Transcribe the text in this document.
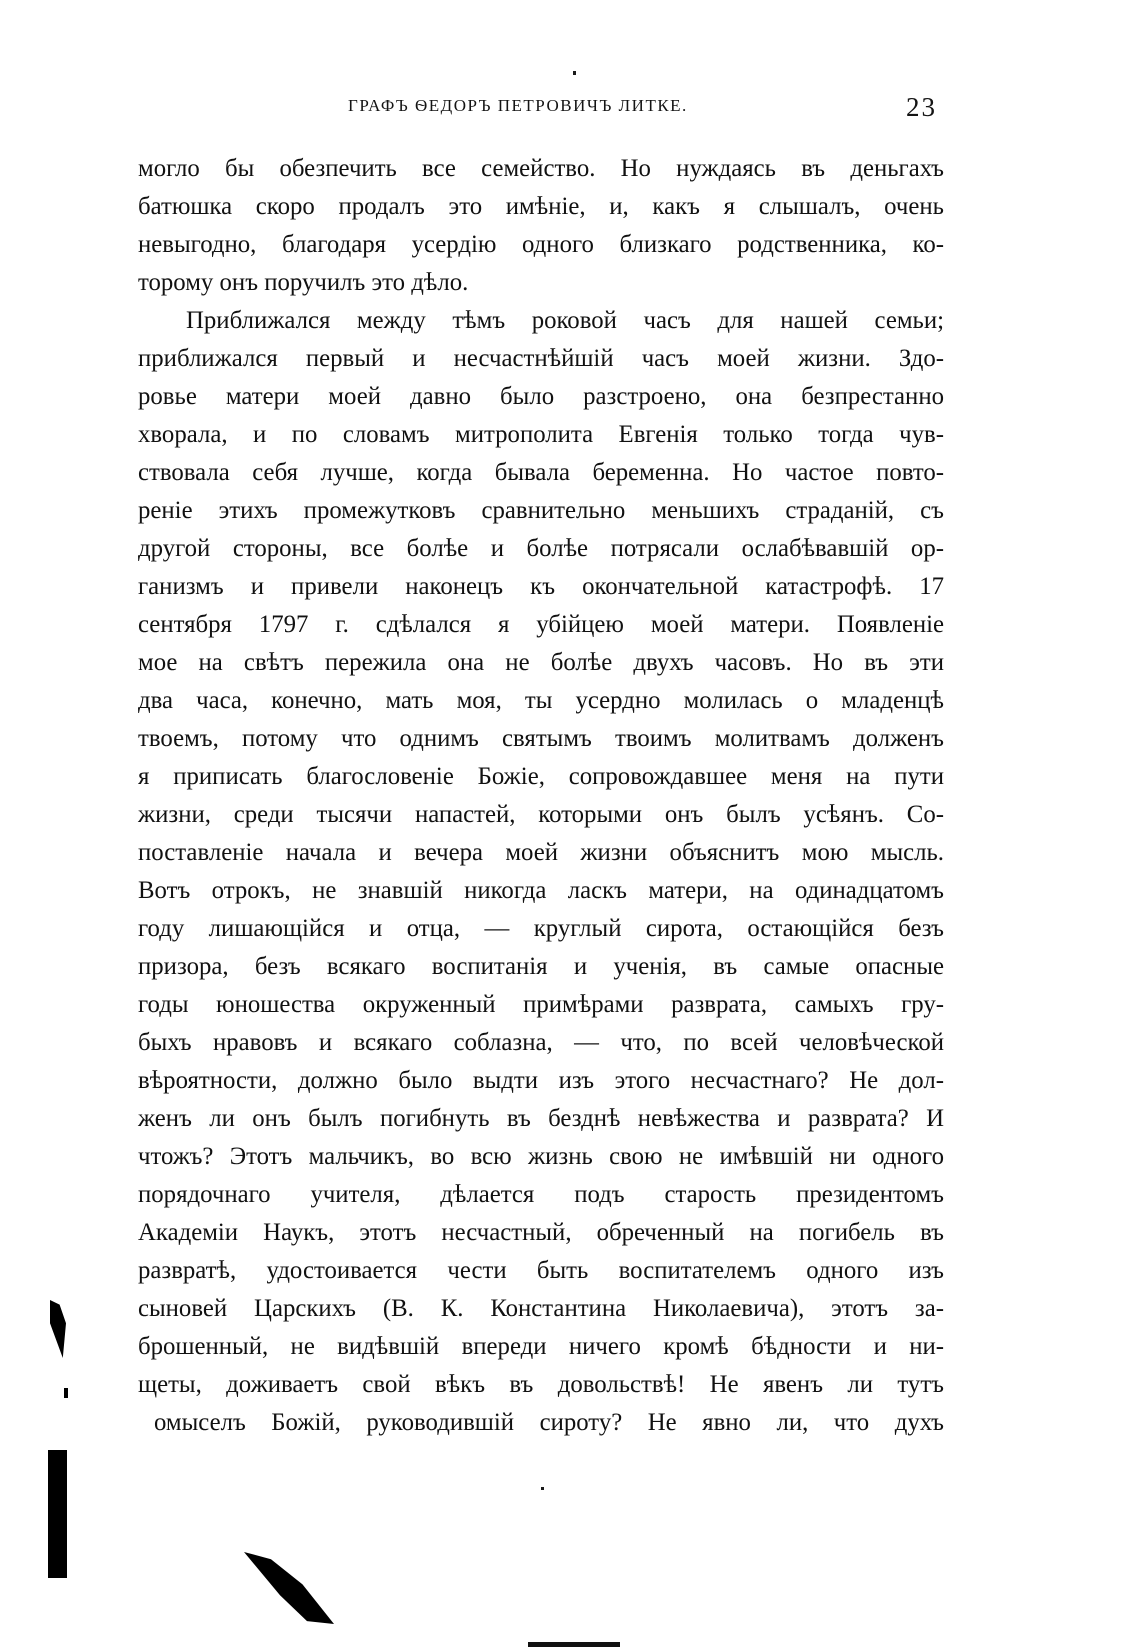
ГРАФЪ ѲЕДОРЪ ПЕТРОВИЧЪ ЛИТКЕ.	23
могло бы обезпечить все семейство. Но нуждаясь въ деньгахъ
батюшка скоро продалъ это имѣніе, и, какъ я слышалъ, очень
невыгодно, благодаря усердію одного близкаго родственника, ко-
торому онъ поручилъ это дѣло.
Приближался между тѣмъ роковой часъ для нашей семьи;
приближался первый и несчастнѣйшій часъ моей жизни. Здо-
ровье матери моей давно было разстроено, она безпрестанно
хворала, и по словамъ митрополита Евгенія только тогда чув-
ствовала себя лучше, когда бывала беременна. Но частое повто-
реніе этихъ промежутковъ сравнительно меньшихъ страданій, съ
другой стороны, все болѣе и болѣе потрясали ослабѣвавшій ор-
ганизмъ и привели наконецъ къ окончательной катастрофѣ. 17
сентября 1797 г. сдѣлался я убійцею моей матери. Появленіе
мое на свѣтъ пережила она не болѣе двухъ часовъ. Но въ эти
два часа, конечно, мать моя, ты усердно молилась о младенцѣ
твоемъ, потому что однимъ святымъ твоимъ молитвамъ долженъ
я приписать благословеніе Божіе, сопровождавшее меня на пути
жизни, среди тысячи напастей, которыми онъ былъ усѣянъ. Со-
поставленіе начала и вечера моей жизни объяснитъ мою мысль.
Вотъ отрокъ, не знавшій никогда ласкъ матери, на одинадцатомъ
году лишающійся и отца, — круглый сирота, остающійся безъ
призора, безъ всякаго воспитанія и ученія, въ самые опасные
годы юношества окруженный примѣрами разврата, самыхъ гру-
быхъ нравовъ и всякаго соблазна, — что, по всей человѣческой
вѣроятности, должно было выдти изъ этого несчастнаго? Не дол-
женъ ли онъ былъ погибнуть въ безднѣ невѣжества и разврата? И
чтожъ? Этотъ мальчикъ, во всю жизнь свою не имѣвшій ни одного
порядочнаго учителя, дѣлается подъ старость президентомъ
Академіи Наукъ, этотъ несчастный, обреченный на погибель въ
развратѣ, удостоивается чести быть воспитателемъ одного изъ
сыновей Царскихъ (В. К. Константина Николаевича), этотъ за-
брошенный, не видѣвшій впереди ничего кромѣ бѣдности и ни-
щеты, доживаетъ свой вѣкъ въ довольствѣ! Не явенъ ли тутъ
омыселъ Божій, руководившій сироту? Не явно ли, что духъ
